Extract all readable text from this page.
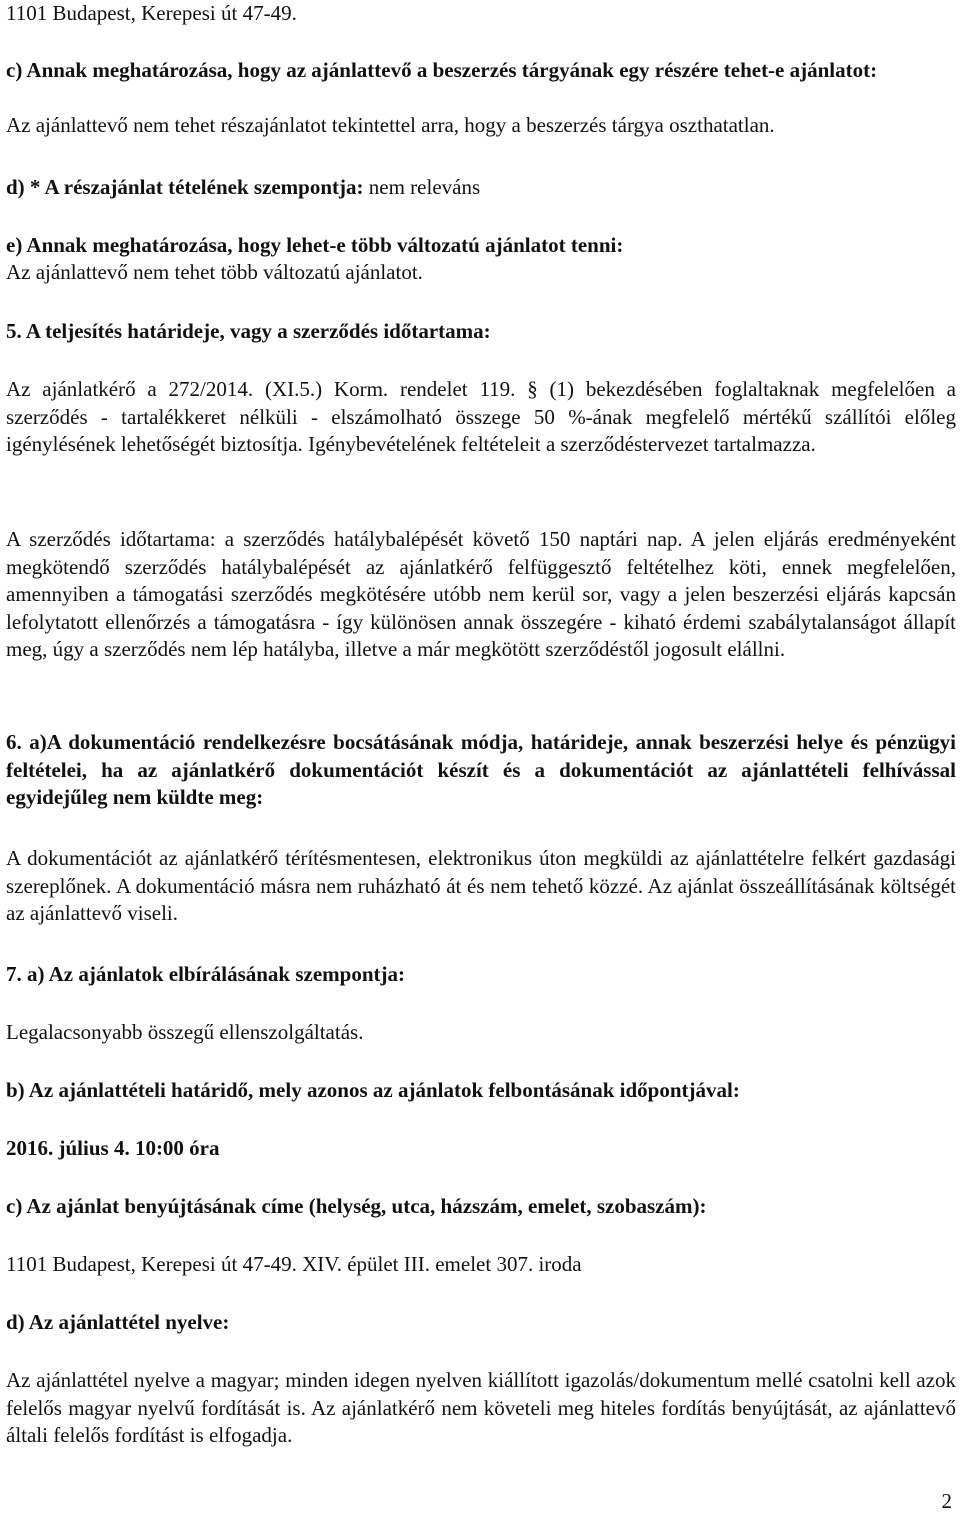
1101 Budapest, Kerepesi út 47-49.

c) Annak meghatározása, hogy az ajánlattevő a beszerzés tárgyának egy részére tehet-e ajánlatot:

Az ajánlattevő nem tehet részajánlatot tekintettel arra, hogy a beszerzés tárgya oszthatatlan.

d) * A részajánlat tételének szempontja: nem releváns

e) Annak meghatározása, hogy lehet-e több változatú ajánlatot tenni:

Az ajánlattevő nem tehet több változatú ajánlatot.

5. A teljesítés határideje, vagy a szerződés időtartama:

Az ajánlatkérő a 272/2014. (XI.5.) Korm. rendelet 119. § (1) bekezdésében foglaltaknak megfelelően a szerződés - tartalékkeret nélküli - elszámolható összege 50 %-ának megfelelő mértékű szállítói előleg igénylésének lehetőségét biztosítja. Igénybevételének feltételeit a szerződéstervezet tartalmazza.

A szerződés időtartama: a szerződés hatálybalépését követő 150 naptári nap. A jelen eljárás eredményeként megkötendő szerződés hatálybalépését az ajánlatkérő felfüggesztő feltételhez köti, ennek megfelelően, amennyiben a támogatási szerződés megkötésére utóbb nem kerül sor, vagy a jelen beszerzési eljárás kapcsán lefolytatott ellenőrzés a támogatásra - így különösen annak összegére - kiható érdemi szabálytalanságot állapít meg, úgy a szerződés nem lép hatályba, illetve a már megkötött szerződéstől jogosult elállni.

6. a)A dokumentáció rendelkezésre bocsátásának módja, határideje, annak beszerzési helye és pénzügyi feltételei, ha az ajánlatkérő dokumentációt készít és a dokumentációt az ajánlattételi felhívással egyidejűleg nem küldte meg:

A dokumentációt az ajánlatkérő térítésmentesen, elektronikus úton megküldi az ajánlattételre felkért gazdasági szereplőnek. A dokumentáció másra nem ruházható át és nem tehető közzé. Az ajánlat összeállításának költségét az ajánlattevő viseli.

7. a) Az ajánlatok elbírálásának szempontja:

Legalacsonyabb összegű ellenszolgáltatás.

b) Az ajánlattételi határidő, mely azonos az ajánlatok felbontásának időpontjával:

2016. július 4. 10:00 óra

c) Az ajánlat benyújtásának címe (helység, utca, házszám, emelet, szobaszám):

1101 Budapest, Kerepesi út 47-49. XIV. épület III. emelet 307. iroda

d) Az ajánlattétel nyelve:

Az ajánlattétel nyelve a magyar; minden idegen nyelven kiállított igazolás/dokumentum mellé csatolni kell azok felelős magyar nyelvű fordítását is. Az ajánlatkérő nem követeli meg hiteles fordítás benyújtását, az ajánlattevő általi felelős fordítást is elfogadja.

2
